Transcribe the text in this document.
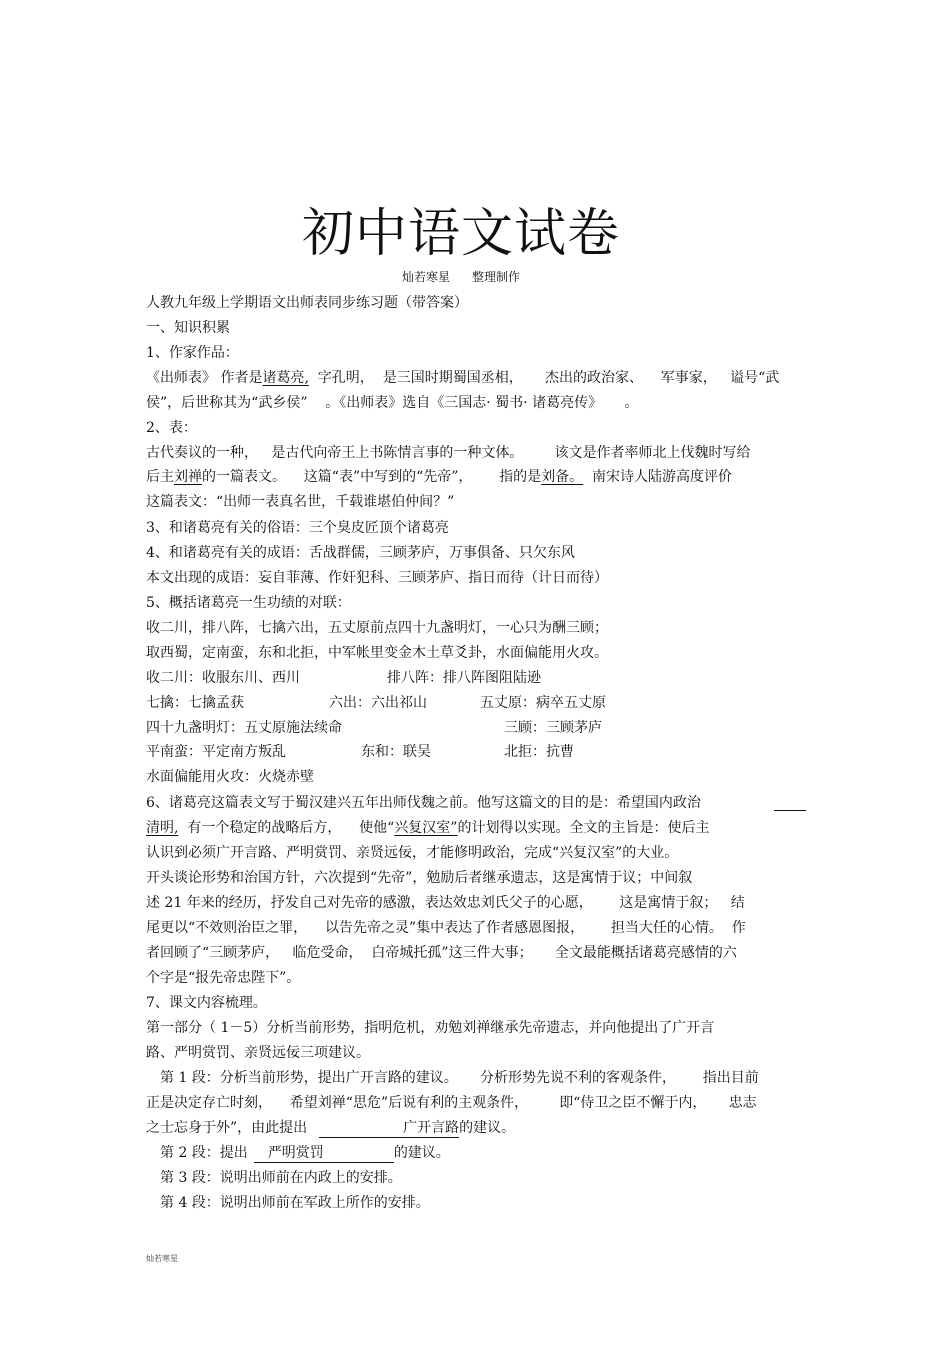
初中语文试卷
灿若寒星 整理制作
人教九年级上学期语文出师表同步练习题（带答案）
一、知识积累
1、作家作品：
《出师表》 作者是诸葛亮,  字孔明，  是三国时期蜀国丞相，     杰出的政治家、    军事家，   谥号“武
侯”，后世称其为“武乡侯”    。《出师表》选自《三国志· 蜀书· 诸葛亮传》     。
2、表：
古代奏议的一种，   是古代向帝王上书陈情言事的一种文体。       该文是作者率师北上伐魏时写给
后主刘禅的一篇表文。    这篇“表”中写到的“先帝”，      指的是刘备。  南宋诗人陆游高度评价
这篇表文：“出师一表真名世，千载谁堪伯仲间？”
3、和诸葛亮有关的俗语：三个臭皮匠顶个诸葛亮
4、和诸葛亮有关的成语：舌战群儒，三顾茅庐，万事俱备、只欠东风
本文出现的成语：妄自菲薄、作奸犯科、三顾茅庐、指日而待（计日而待）
5、概括诸葛亮一生功绩的对联：
收二川，排八阵，七擒六出，五丈原前点四十九盏明灯，一心只为酬三顾；
取西蜀，定南蛮，东和北拒，中军帐里变金木土草爻卦，水面偏能用火攻。
收二川：收服东川、西川	排八阵：排八阵图阻陆逊
七擒：七擒孟获	六出：六出祁山	五丈原：病卒五丈原
四十九盏明灯：五丈原施法续命	三顾：三顾茅庐
平南蛮：平定南方叛乱	东和：联吴	北拒：抗曹
水面偏能用火攻：火烧赤壁
6、诸葛亮这篇表文写于蜀汉建兴五年出师伐魏之前。他写这篇文的目的是：希望国内政治
清明,  有一个稳定的战略后方，    使他“兴复汉室”的计划得以实现。全文的主旨是：使后主
认识到必须广开言路、严明赏罚、亲贤远佞，才能修明政治，完成“兴复汉室”的大业。
开头谈论形势和治国方针，六次提到“先帝”，勉励后者继承遗志，这是寓情于议；中间叙
述 21 年来的经历，抒发自己对先帝的感激，表达效忠刘氏父子的心愿，      这是寓情于叙；   结
尾更以“不效则治臣之罪，    以告先帝之灵”集中表达了作者感恩图报，      担当大任的心情。  作
者回顾了“三顾茅庐，   临危受命，  白帝城托孤”这三件大事；     全文最能概括诸葛亮感情的六
个字是“报先帝忠陛下”。
7、课文内容梳理。
第一部分（ 1－5）分析当前形势，指明危机，劝勉刘禅继承先帝遗志，并向他提出了广开言
路、严明赏罚、亲贤远佞三项建议。
第 1 段：分析当前形势，提出广开言路的建议。     分析形势先说不利的客观条件，      指出目前
正是决定存亡时刻，    希望刘禅“思危”后说有利的主观条件，       即“侍卫之臣不懈于内，     忠志
之士忘身于外”，由此提出	广开言路的建议。
第 2 段：提出 严明赏罚	的建议。
第 3 段：说明出师前在内政上的安排。
第 4 段：说明出师前在军政上所作的安排。
灿若寒星
